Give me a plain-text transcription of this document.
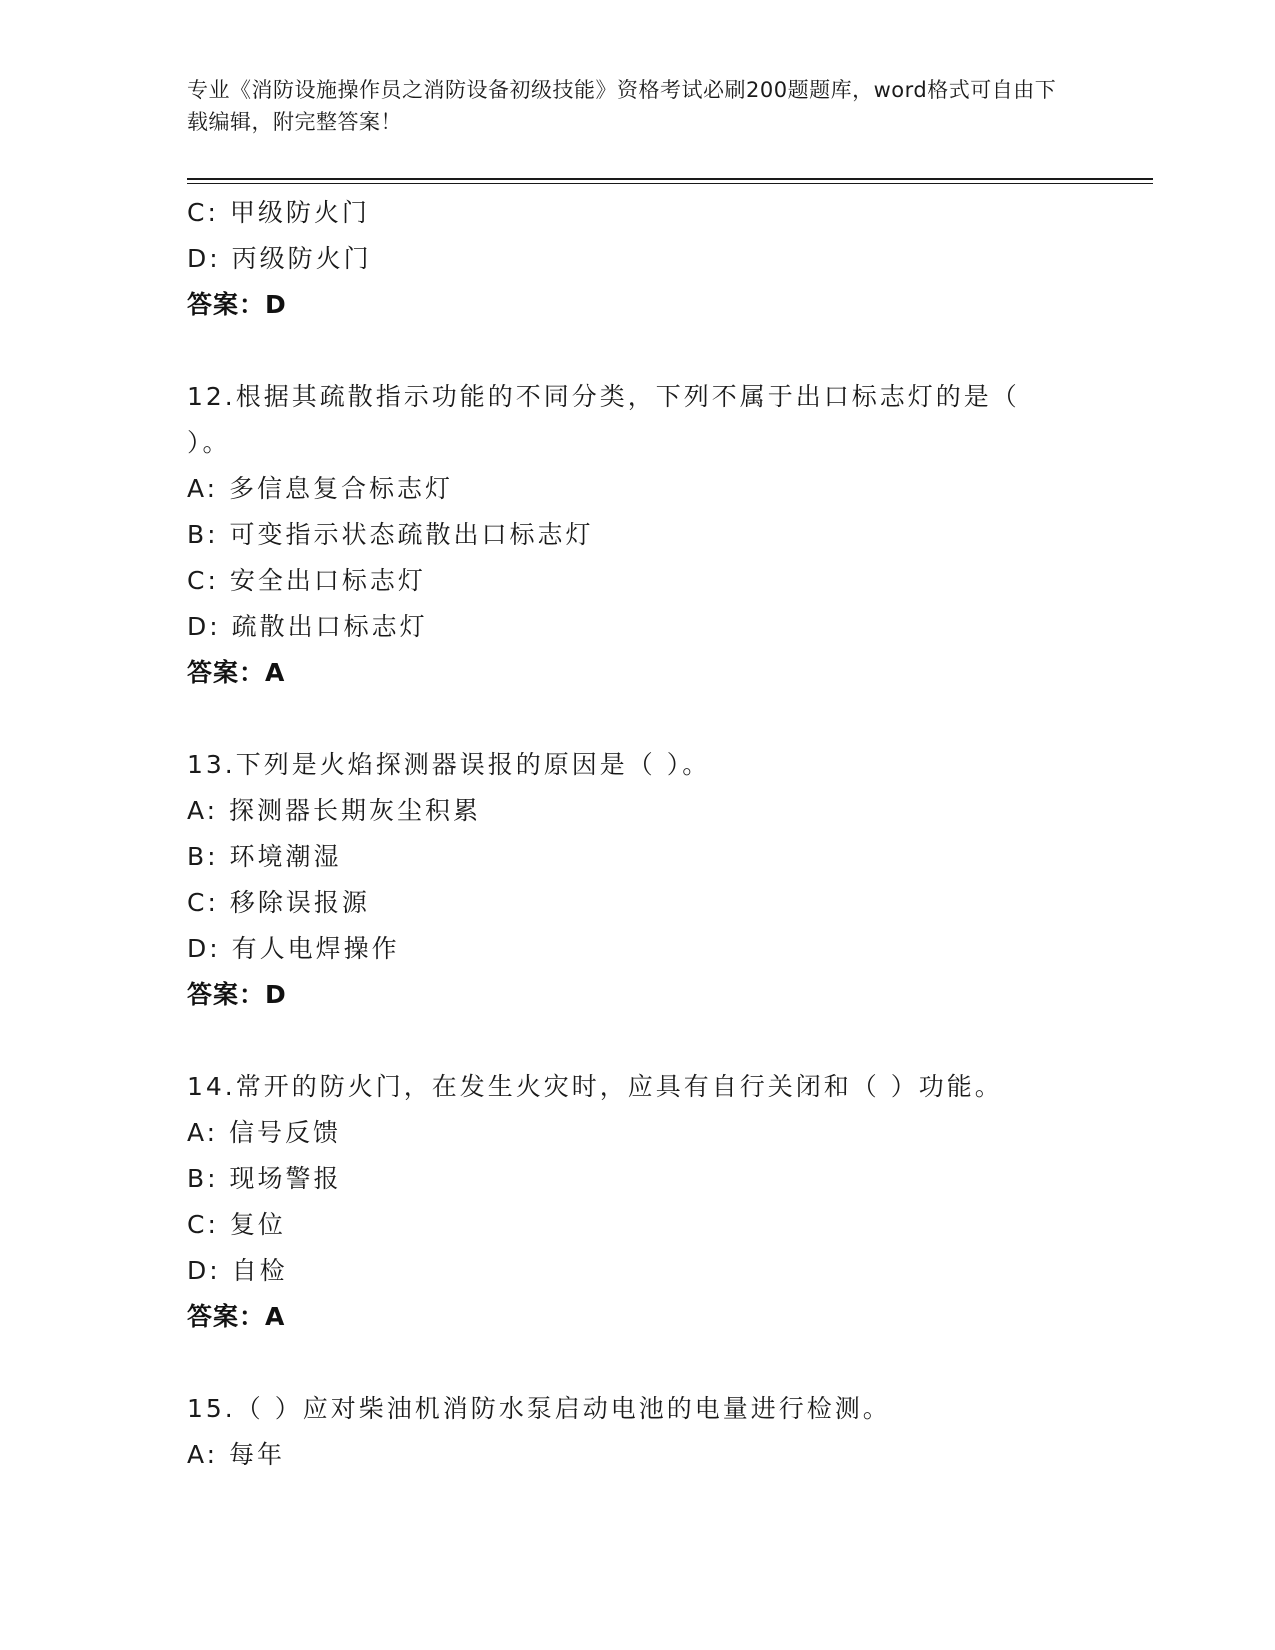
专业《消防设施操作员之消防设备初级技能》资格考试必刷200题题库，word格式可自由下载编辑，附完整答案！
C: 甲级防火门
D: 丙级防火门
答案：D
12.根据其疏散指示功能的不同分类，下列不属于出口标志灯的是（ ）。
A: 多信息复合标志灯
B: 可变指示状态疏散出口标志灯
C: 安全出口标志灯
D: 疏散出口标志灯
答案：A
13.下列是火焰探测器误报的原因是（ ）。
A: 探测器长期灰尘积累
B: 环境潮湿
C: 移除误报源
D: 有人电焊操作
答案：D
14.常开的防火门，在发生火灾时，应具有自行关闭和（ ）功能。
A: 信号反馈
B: 现场警报
C: 复位
D: 自检
答案：A
15.（ ）应对柴油机消防水泵启动电池的电量进行检测。
A: 每年
